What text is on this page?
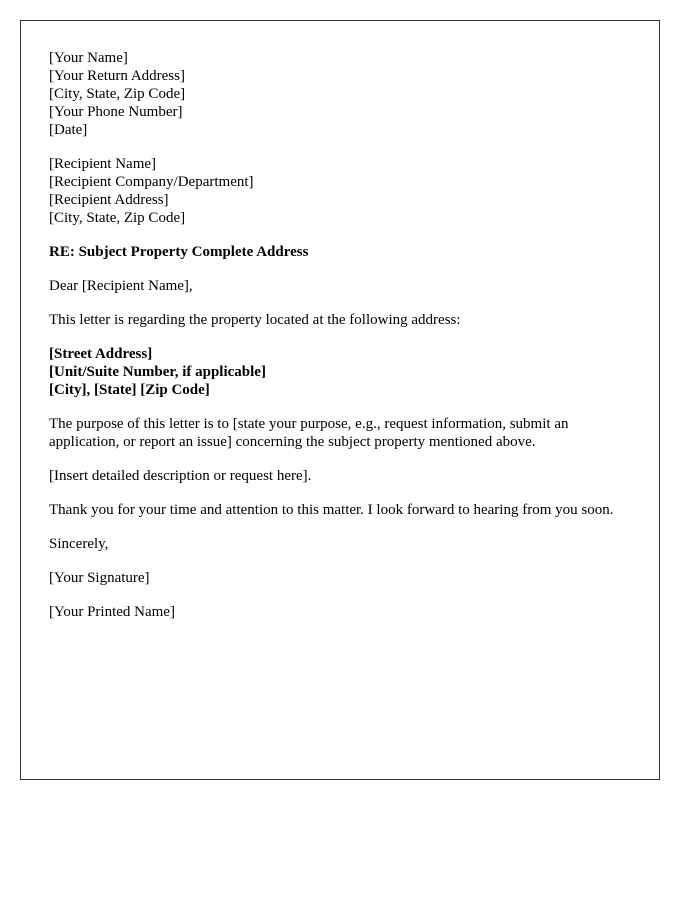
[Your Name]
[Your Return Address]
[City, State, Zip Code]
[Your Phone Number]
[Date]
[Recipient Name]
[Recipient Company/Department]
[Recipient Address]
[City, State, Zip Code]

RE: Subject Property Complete Address

Dear [Recipient Name],

This letter is regarding the property located at the following address:

[Street Address]
[Unit/Suite Number, if applicable]
[City], [State] [Zip Code]

The purpose of this letter is to [state your purpose, e.g., request information, submit an application, or report an issue] concerning the subject property mentioned above.

[Insert detailed description or request here].

Thank you for your time and attention to this matter. I look forward to hearing from you soon.

Sincerely,

[Your Signature]

[Your Printed Name]
